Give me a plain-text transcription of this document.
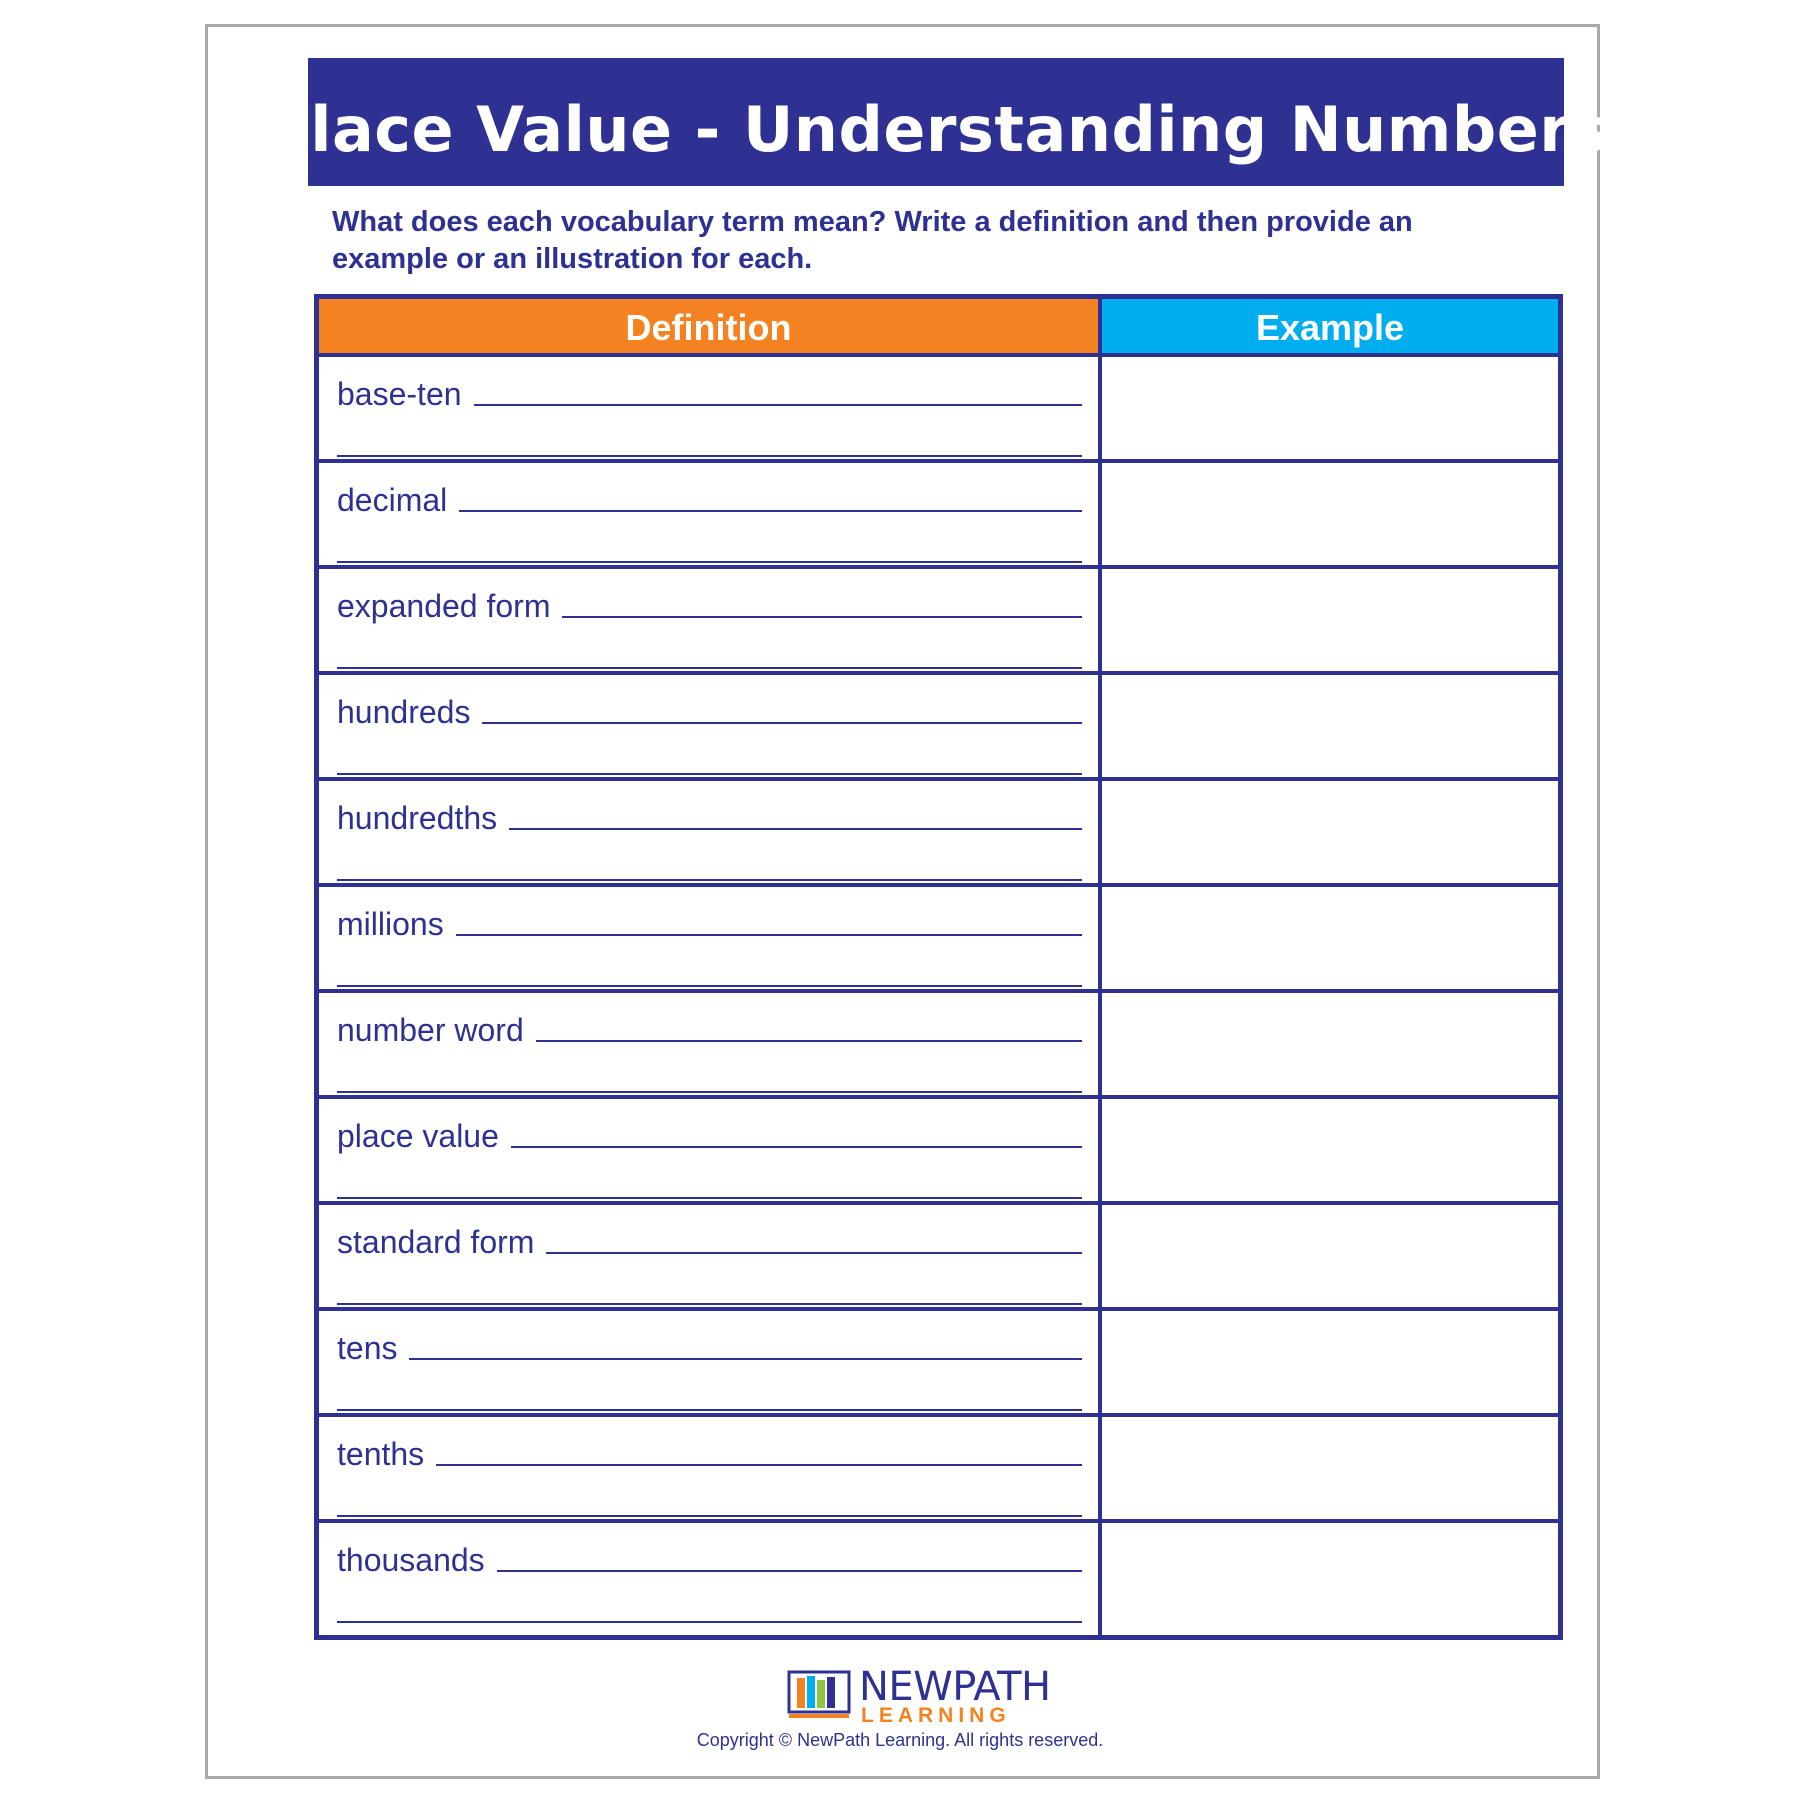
Place Value - Understanding Numbers
What does each vocabulary term mean? Write a definition and then provide an example or an illustration for each.
Definition	Example
base-ten
decimal
expanded form
hundreds
hundredths
millions
number word
place value
standard form
tens
tenths
thousands
NEWPATH
LEARNING
Copyright © NewPath Learning. All rights reserved.
